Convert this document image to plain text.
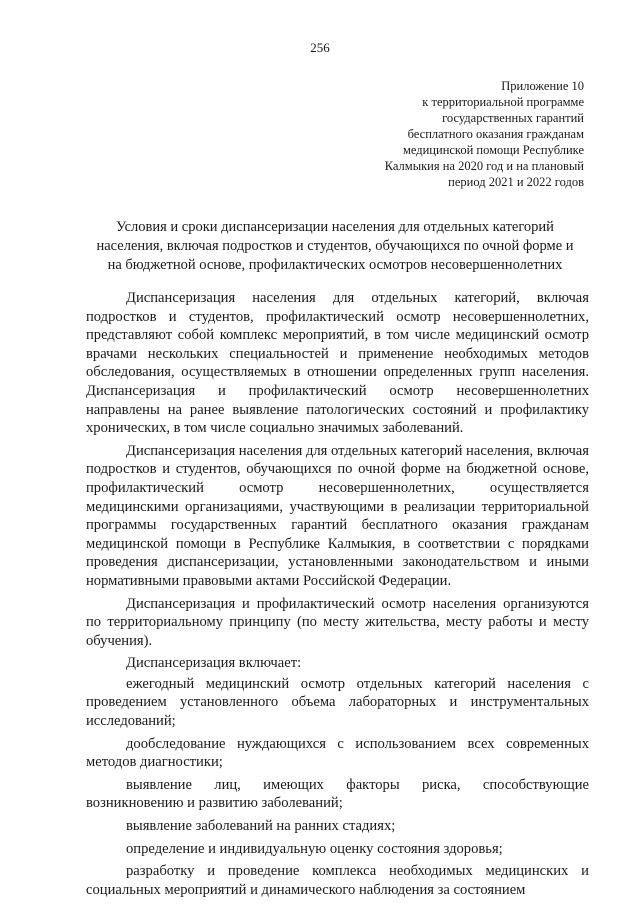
256
Приложение 10
к территориальной программе
государственных гарантий
бесплатного оказания гражданам
медицинской помощи Республике
Калмыкия на 2020 год и на плановый
период 2021 и 2022 годов
Условия и сроки диспансеризации населения для отдельных категорий
населения, включая подростков и студентов, обучающихся по очной форме и
на бюджетной основе, профилактических осмотров несовершеннолетних

Диспансеризация населения для отдельных категорий, включая подростков и студентов, профилактический осмотр несовершеннолетних, представляют собой комплекс мероприятий, в том числе медицинский осмотр врачами нескольких специальностей и применение необходимых методов обследования, осуществляемых в отношении определенных групп населения. Диспансеризация и профилактический осмотр несовершеннолетних направлены на ранее выявление патологических состояний и профилактику хронических, в том числе социально значимых заболеваний.

Диспансеризация населения для отдельных категорий населения, включая подростков и студентов, обучающихся по очной форме на бюджетной основе, профилактический осмотр несовершеннолетних, осуществляется медицинскими организациями, участвующими в реализации территориальной программы государственных гарантий бесплатного оказания гражданам медицинской помощи в Республике Калмыкия, в соответствии с порядками проведения диспансеризации, установленными законодательством и иными нормативными правовыми актами Российской Федерации.

Диспансеризация и профилактический осмотр населения организуются по территориальному принципу (по месту жительства, месту работы и месту обучения).

Диспансеризация включает:

ежегодный медицинский осмотр отдельных категорий населения с проведением установленного объема лабораторных и инструментальных исследований;

дообследование нуждающихся с использованием всех современных методов диагностики;

выявление лиц, имеющих факторы риска, способствующие возникновению и развитию заболеваний;

выявление заболеваний на ранних стадиях;

определение и индивидуальную оценку состояния здоровья;

разработку и проведение комплекса необходимых медицинских и социальных мероприятий и динамического наблюдения за состоянием
